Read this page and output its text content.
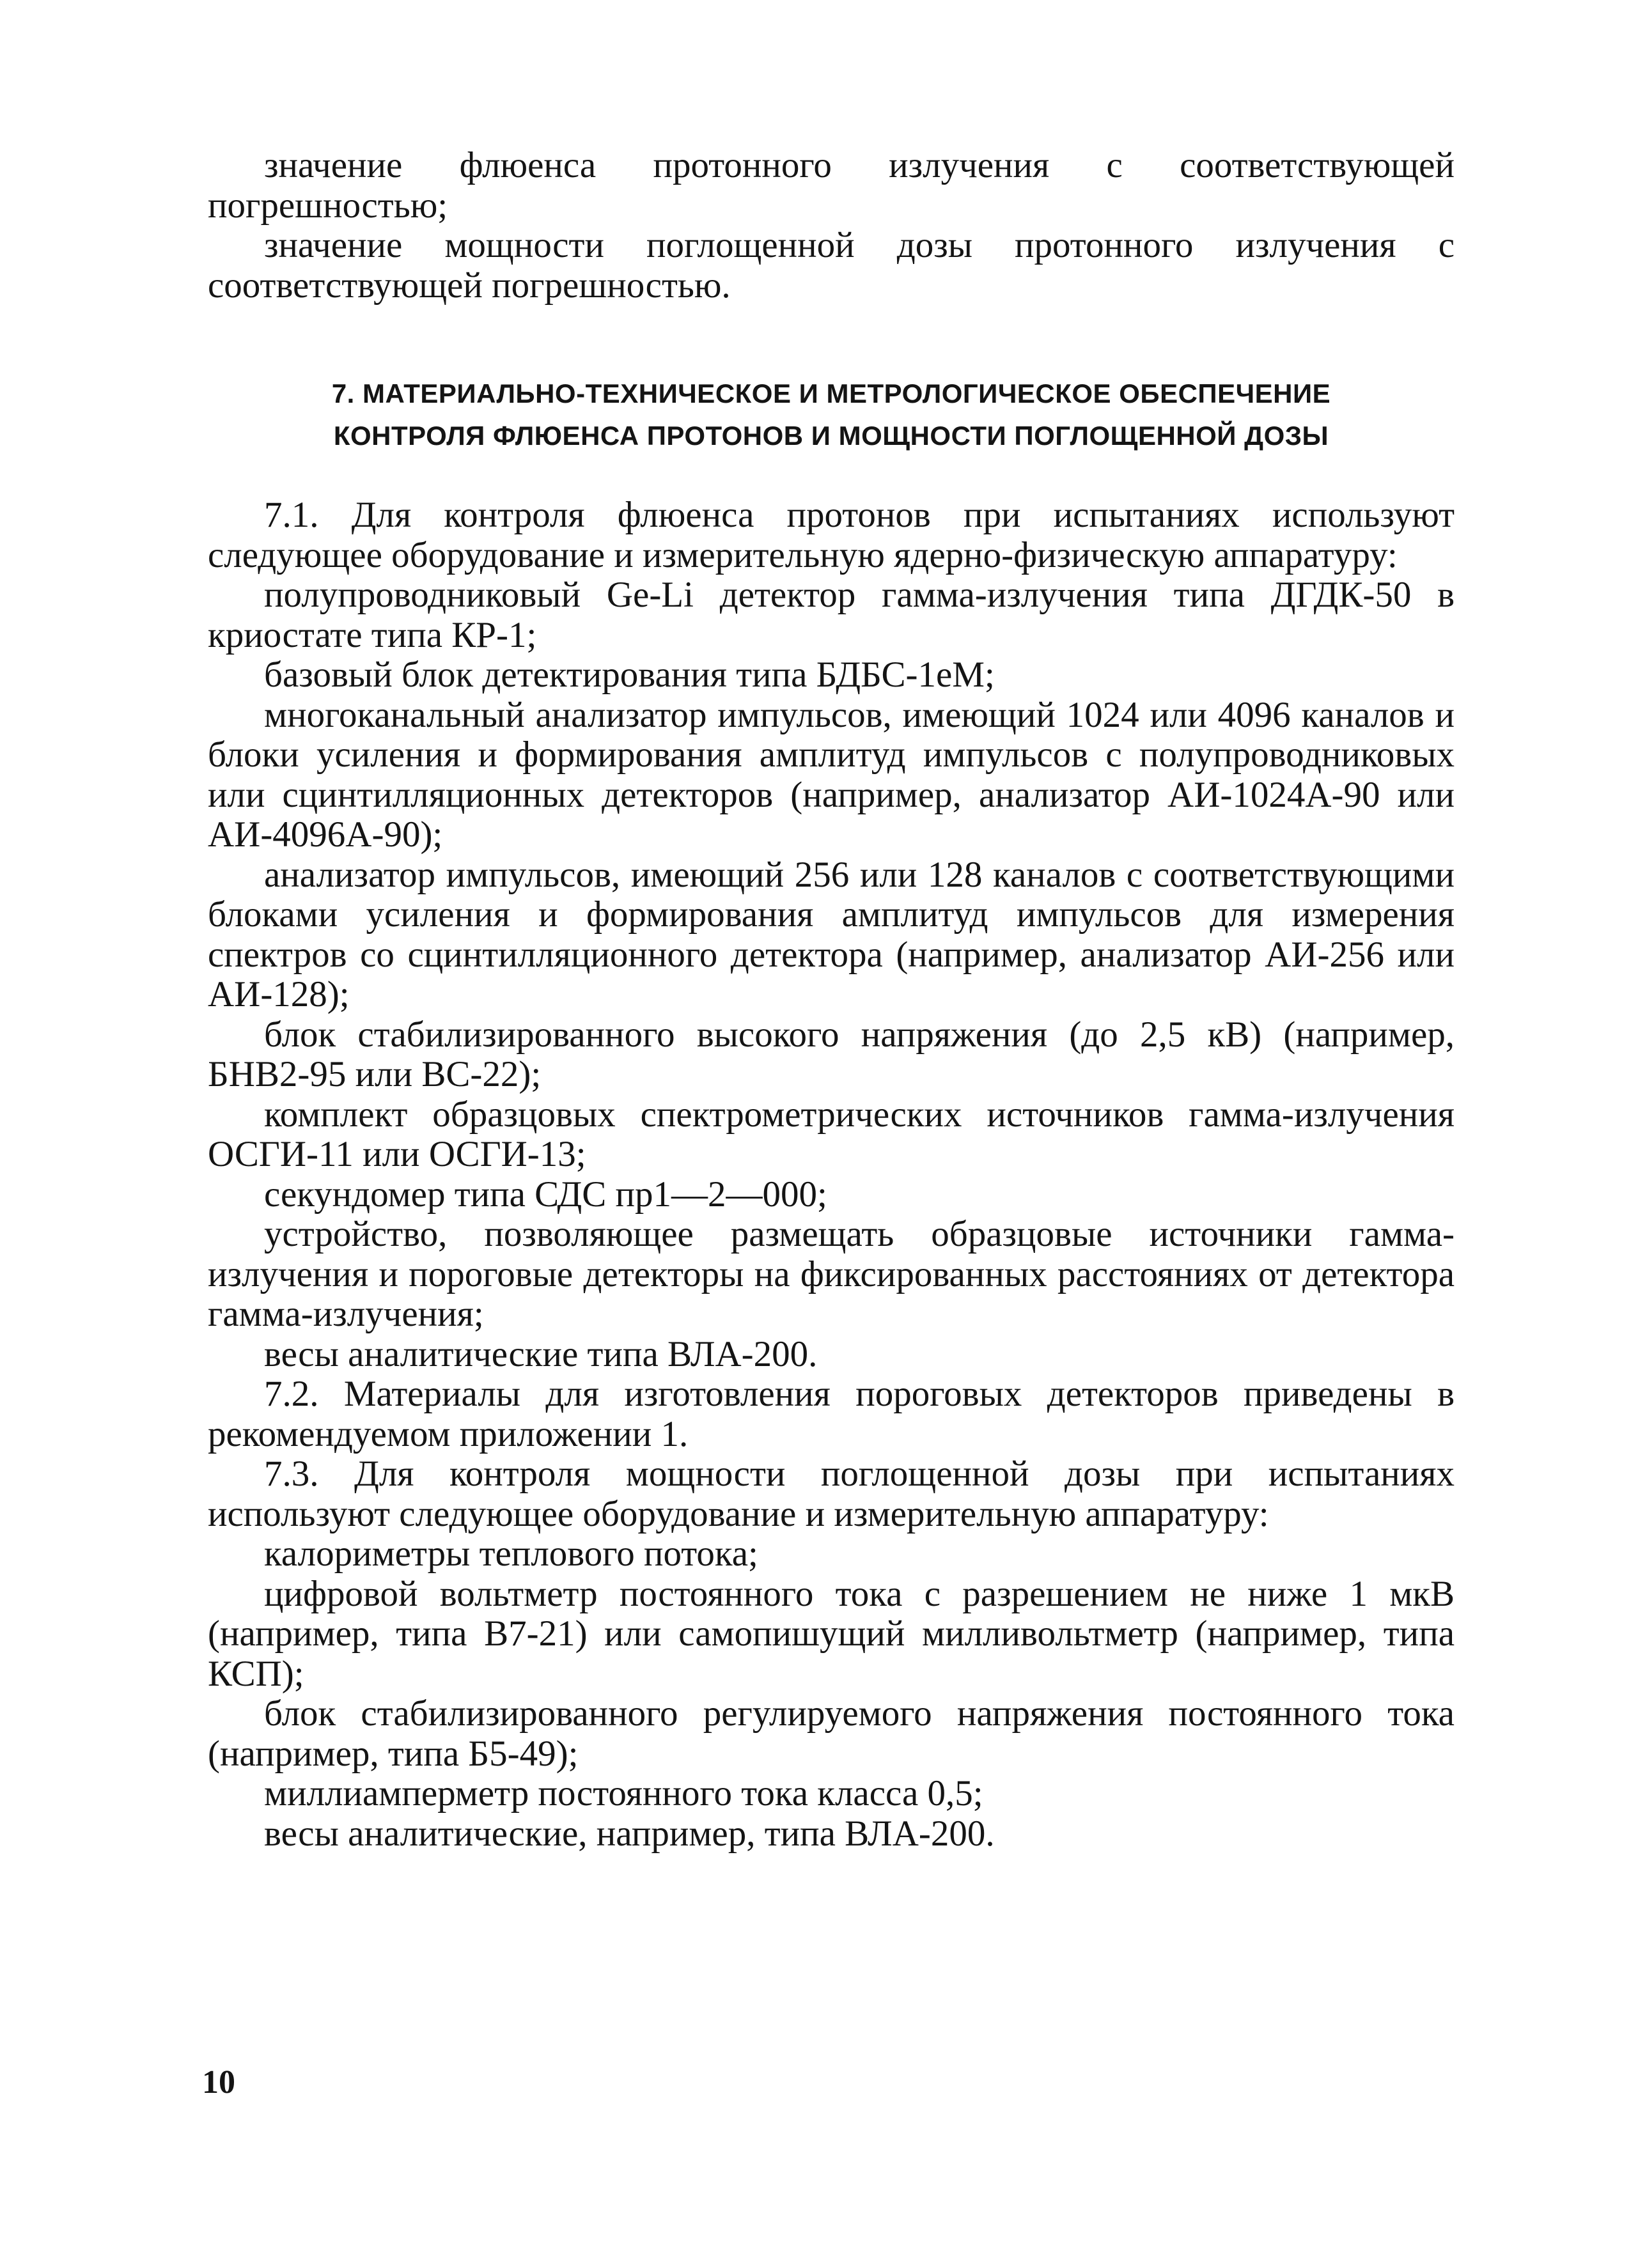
значение флюенса протонного излучения с соответствующей погрешностью;

значение мощности поглощенной дозы протонного излучения с соответствующей погрешностью.

7. МАТЕРИАЛЬНО-ТЕХНИЧЕСКОЕ И МЕТРОЛОГИЧЕСКОЕ ОБЕСПЕЧЕНИЕ
КОНТРОЛЯ ФЛЮЕНСА ПРОТОНОВ И МОЩНОСТИ ПОГЛОЩЕННОЙ ДОЗЫ

7.1. Для контроля флюенса протонов при испытаниях используют следующее оборудование и измерительную ядерно-физическую аппаратуру:

полупроводниковый Ge-Li детектор гамма-излучения типа ДГДК-50 в криостате типа КР-1;

базовый блок детектирования типа БДБС-1еМ;

многоканальный анализатор импульсов, имеющий 1024 или 4096 каналов и блоки усиления и формирования амплитуд импульсов с полупроводниковых или сцинтилляционных детекторов (например, анализатор АИ-1024А-90 или АИ-4096А-90);

анализатор импульсов, имеющий 256 или 128 каналов с соответствующими блоками усиления и формирования амплитуд импульсов для измерения спектров со сцинтилляционного детектора (например, анализатор АИ-256 или АИ-128);

блок стабилизированного высокого напряжения (до 2,5 кВ) (например, БНВ2-95 или ВС-22);

комплект образцовых спектрометрических источников гамма-излучения ОСГИ-11 или ОСГИ-13;

секундомер типа СДС пр1—2—000;

устройство, позволяющее размещать образцовые источники гамма-излучения и пороговые детекторы на фиксированных расстояниях от детектора гамма-излучения;

весы аналитические типа ВЛА-200.

7.2. Материалы для изготовления пороговых детекторов приведены в рекомендуемом приложении 1.

7.3. Для контроля мощности поглощенной дозы при испытаниях используют следующее оборудование и измерительную аппаратуру:

калориметры теплового потока;

цифровой вольтметр постоянного тока с разрешением не ниже 1 мкВ (например, типа В7-21) или самопишущий милливольтметр (например, типа КСП);

блок стабилизированного регулируемого напряжения постоянного тока (например, типа Б5-49);

миллиамперметр постоянного тока класса 0,5;

весы аналитические, например, типа ВЛА-200.

10
